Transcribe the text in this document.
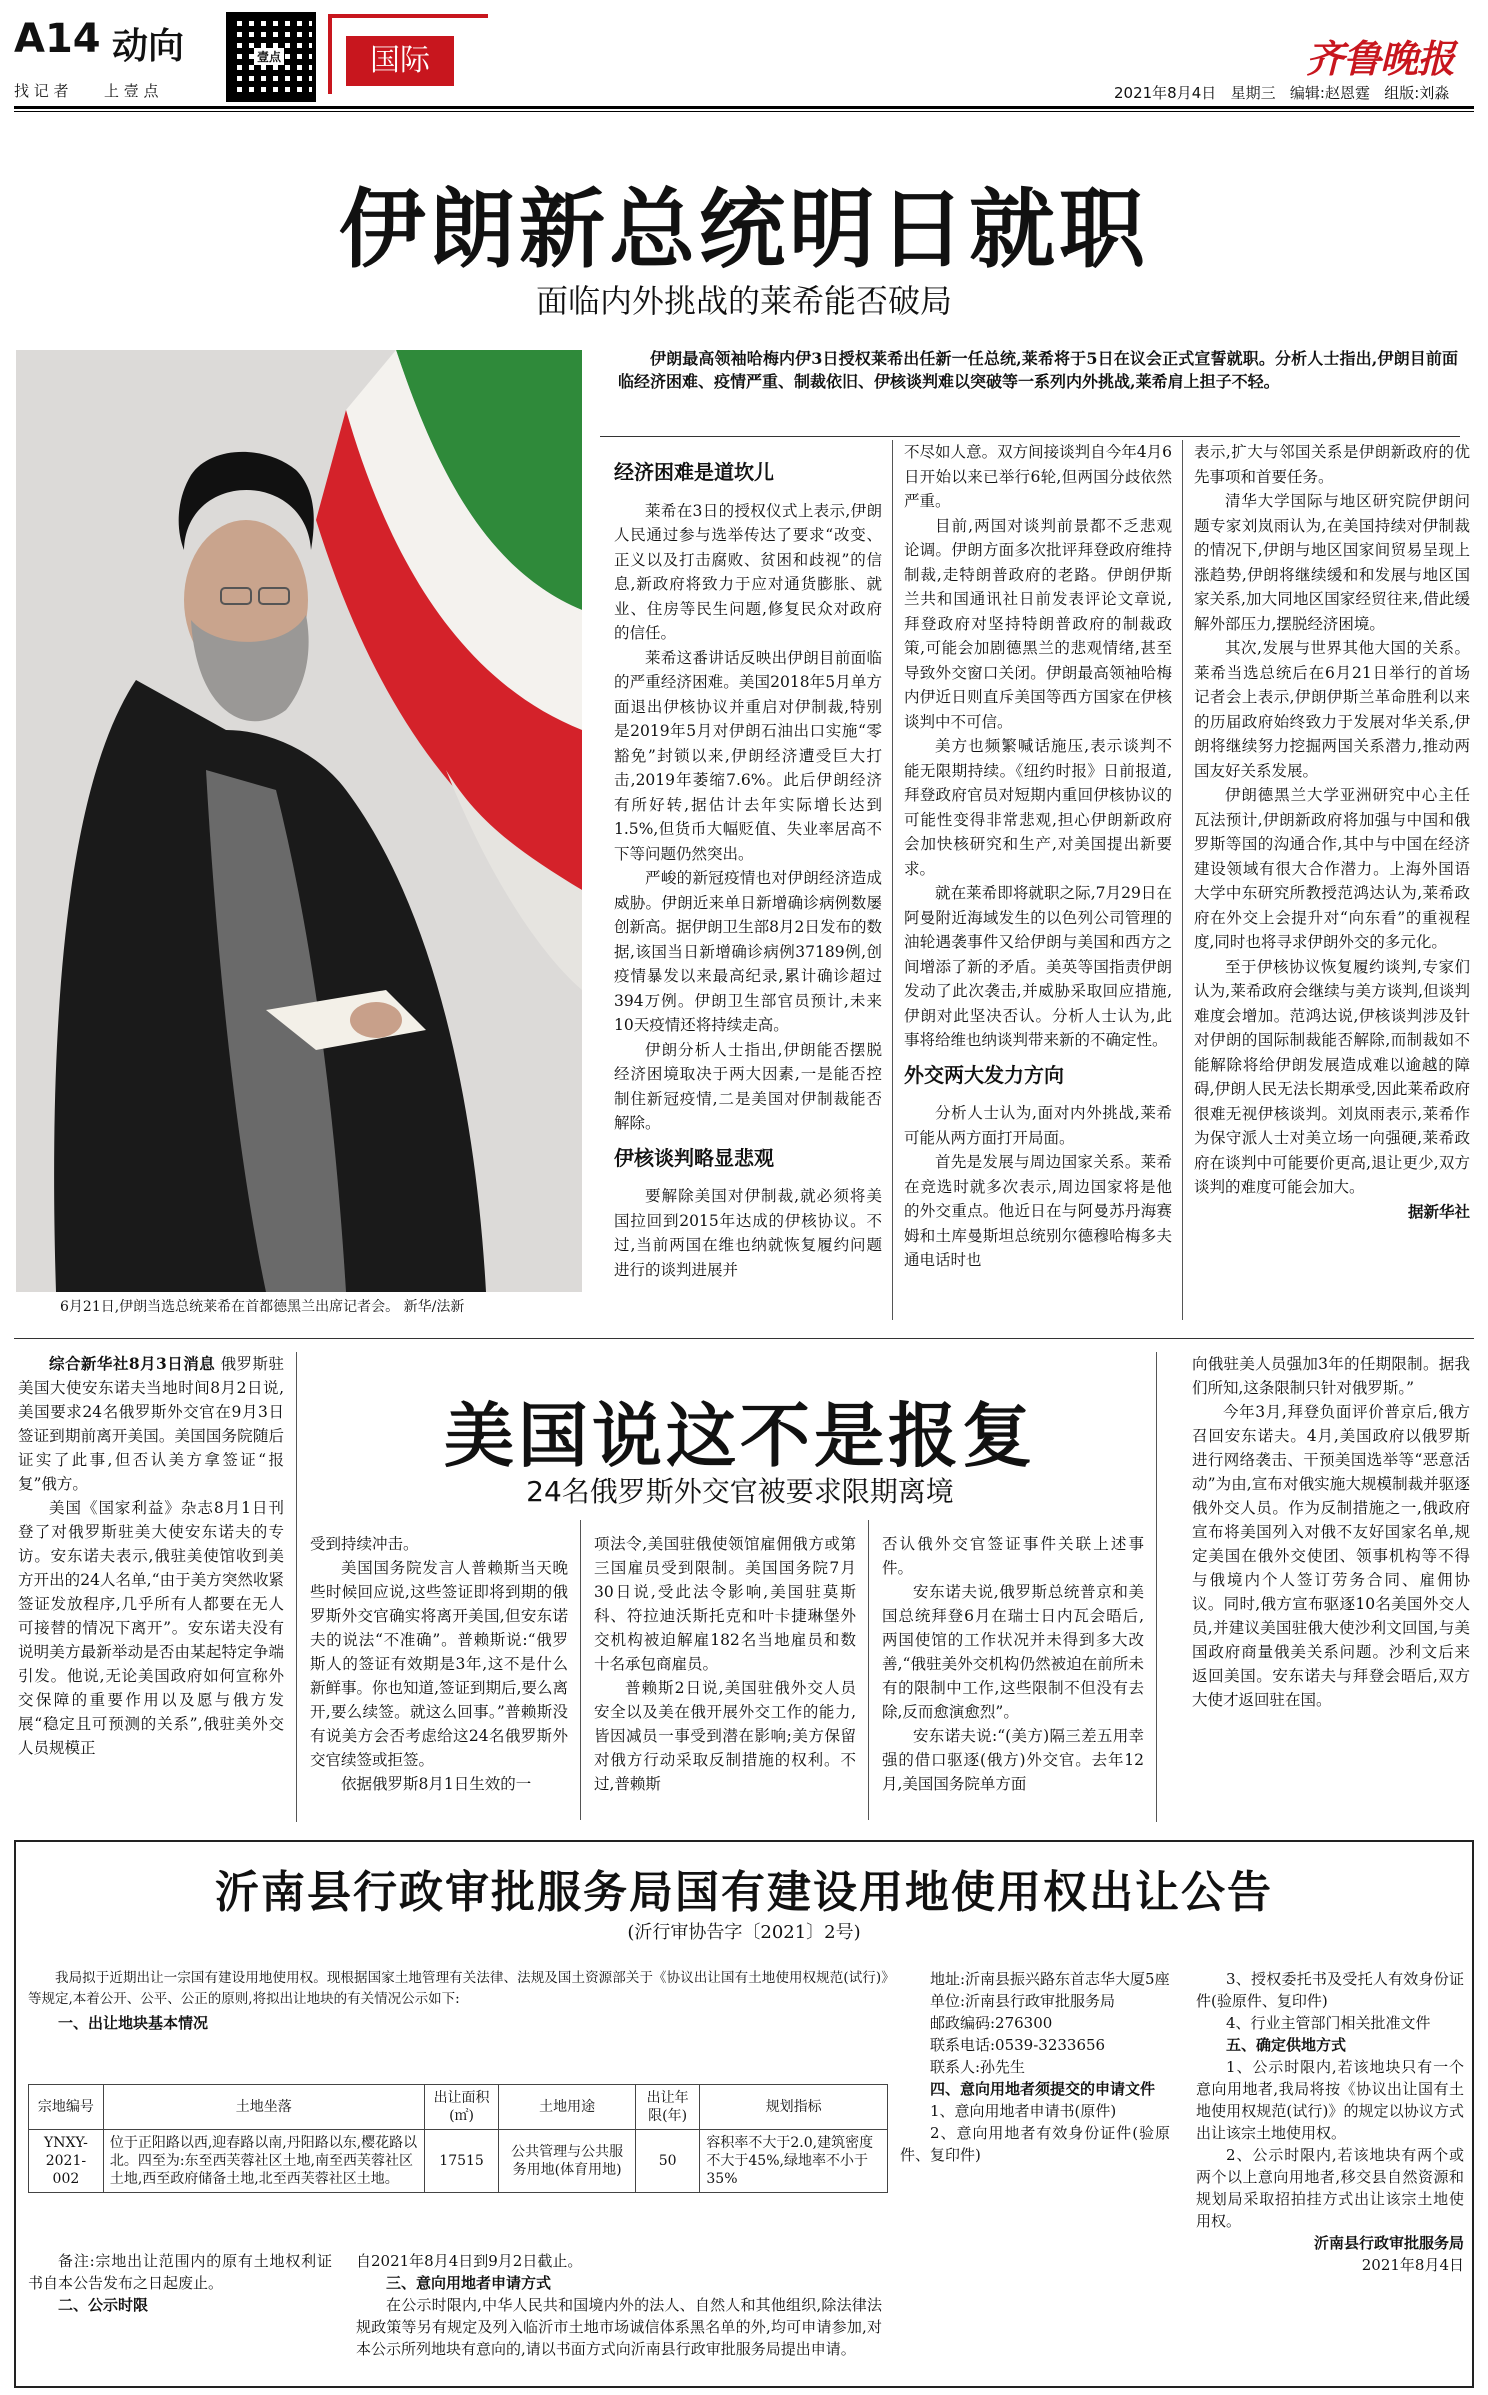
A14 动向
找 记 者 上 壹 点
壹点	国际	齐鲁晚报
2021年8月4日 星期三 编辑:赵恩霆 组版:刘淼
伊朗新总统明日就职
面临内外挑战的莱希能否破局
6月21日,伊朗当选总统莱希在首都德黑兰出席记者会。 新华/法新
伊朗最高领袖哈梅内伊3日授权莱希出任新一任总统,莱希将于5日在议会正式宣誓就职。分析人士指出,伊朗目前面临经济困难、疫情严重、制裁依旧、伊核谈判难以突破等一系列内外挑战,莱希肩上担子不轻。
经济困难是道坎儿

莱希在3日的授权仪式上表示,伊朗人民通过参与选举传达了要求“改变、正义以及打击腐败、贫困和歧视”的信息,新政府将致力于应对通货膨胀、就业、住房等民生问题,修复民众对政府的信任。

莱希这番讲话反映出伊朗目前面临的严重经济困难。美国2018年5月单方面退出伊核协议并重启对伊制裁,特别是2019年5月对伊朗石油出口实施“零豁免”封锁以来,伊朗经济遭受巨大打击,2019年萎缩7.6%。此后伊朗经济有所好转,据估计去年实际增长达到1.5%,但货币大幅贬值、失业率居高不下等问题仍然突出。

严峻的新冠疫情也对伊朗经济造成威胁。伊朗近来单日新增确诊病例数屡创新高。据伊朗卫生部8月2日发布的数据,该国当日新增确诊病例37189例,创疫情暴发以来最高纪录,累计确诊超过394万例。伊朗卫生部官员预计,未来10天疫情还将持续走高。

伊朗分析人士指出,伊朗能否摆脱经济困境取决于两大因素,一是能否控制住新冠疫情,二是美国对伊制裁能否解除。

伊核谈判略显悲观

要解除美国对伊制裁,就必须将美国拉回到2015年达成的伊核协议。不过,当前两国在维也纳就恢复履约问题进行的谈判进展并

不尽如人意。双方间接谈判自今年4月6日开始以来已举行6轮,但两国分歧依然严重。

目前,两国对谈判前景都不乏悲观论调。伊朗方面多次批评拜登政府维持制裁,走特朗普政府的老路。伊朗伊斯兰共和国通讯社日前发表评论文章说,拜登政府对坚持特朗普政府的制裁政策,可能会加剧德黑兰的悲观情绪,甚至导致外交窗口关闭。伊朗最高领袖哈梅内伊近日则直斥美国等西方国家在伊核谈判中不可信。

美方也频繁喊话施压,表示谈判不能无限期持续。《纽约时报》日前报道,拜登政府官员对短期内重回伊核协议的可能性变得非常悲观,担心伊朗新政府会加快核研究和生产,对美国提出新要求。

就在莱希即将就职之际,7月29日在阿曼附近海域发生的以色列公司管理的油轮遇袭事件又给伊朗与美国和西方之间增添了新的矛盾。美英等国指责伊朗发动了此次袭击,并威胁采取回应措施,伊朗对此坚决否认。分析人士认为,此事将给维也纳谈判带来新的不确定性。

外交两大发力方向

分析人士认为,面对内外挑战,莱希可能从两方面打开局面。

首先是发展与周边国家关系。莱希在竞选时就多次表示,周边国家将是他的外交重点。他近日在与阿曼苏丹海赛姆和土库曼斯坦总统别尔德穆哈梅多夫通电话时也

表示,扩大与邻国关系是伊朗新政府的优先事项和首要任务。

清华大学国际与地区研究院伊朗问题专家刘岚雨认为,在美国持续对伊制裁的情况下,伊朗与地区国家间贸易呈现上涨趋势,伊朗将继续缓和和发展与地区国家关系,加大同地区国家经贸往来,借此缓解外部压力,摆脱经济困境。

其次,发展与世界其他大国的关系。莱希当选总统后在6月21日举行的首场记者会上表示,伊朗伊斯兰革命胜利以来的历届政府始终致力于发展对华关系,伊朗将继续努力挖掘两国关系潜力,推动两国友好关系发展。

伊朗德黑兰大学亚洲研究中心主任瓦法预计,伊朗新政府将加强与中国和俄罗斯等国的沟通合作,其中与中国在经济建设领域有很大合作潜力。上海外国语大学中东研究所教授范鸿达认为,莱希政府在外交上会提升对“向东看”的重视程度,同时也将寻求伊朗外交的多元化。

至于伊核协议恢复履约谈判,专家们认为,莱希政府会继续与美方谈判,但谈判难度会增加。范鸿达说,伊核谈判涉及针对伊朗的国际制裁能否解除,而制裁如不能解除将给伊朗发展造成难以逾越的障碍,伊朗人民无法长期承受,因此莱希政府很难无视伊核谈判。刘岚雨表示,莱希作为保守派人士对美立场一向强硬,莱希政府在谈判中可能要价更高,退让更少,双方谈判的难度可能会加大。

据新华社

美国说这不是报复
24名俄罗斯外交官被要求限期离境

综合新华社8月3日消息 俄罗斯驻美国大使安东诺夫当地时间8月2日说,美国要求24名俄罗斯外交官在9月3日签证到期前离开美国。美国国务院随后证实了此事,但否认美方拿签证“报复”俄方。

美国《国家利益》杂志8月1日刊登了对俄罗斯驻美大使安东诺夫的专访。安东诺夫表示,俄驻美使馆收到美方开出的24人名单,“由于美方突然收紧签证发放程序,几乎所有人都要在无人可接替的情况下离开”。安东诺夫没有说明美方最新举动是否由某起特定争端引发。他说,无论美国政府如何宣称外交保障的重要作用以及愿与俄方发展“稳定且可预测的关系”,俄驻美外交人员规模正

受到持续冲击。

美国国务院发言人普赖斯当天晚些时候回应说,这些签证即将到期的俄罗斯外交官确实将离开美国,但安东诺夫的说法“不准确”。普赖斯说:“俄罗斯人的签证有效期是3年,这不是什么新鲜事。你也知道,签证到期后,要么离开,要么续签。就这么回事。”普赖斯没有说美方会否考虑给这24名俄罗斯外交官续签或拒签。

依据俄罗斯8月1日生效的一

项法令,美国驻俄使领馆雇佣俄方或第三国雇员受到限制。美国国务院7月30日说,受此法令影响,美国驻莫斯科、符拉迪沃斯托克和叶卡捷琳堡外交机构被迫解雇182名当地雇员和数十名承包商雇员。

普赖斯2日说,美国驻俄外交人员安全以及美在俄开展外交工作的能力,皆因减员一事受到潜在影响;美方保留对俄方行动采取反制措施的权利。不过,普赖斯

否认俄外交官签证事件关联上述事件。

安东诺夫说,俄罗斯总统普京和美国总统拜登6月在瑞士日内瓦会晤后,两国使馆的工作状况并未得到多大改善,“俄驻美外交机构仍然被迫在前所未有的限制中工作,这些限制不但没有去除,反而愈演愈烈”。

安东诺夫说:“(美方)隔三差五用幸强的借口驱逐(俄方)外交官。去年12月,美国国务院单方面

向俄驻美人员强加3年的任期限制。据我们所知,这条限制只针对俄罗斯。”

今年3月,拜登负面评价普京后,俄方召回安东诺夫。4月,美国政府以俄罗斯进行网络袭击、干预美国选举等“恶意活动”为由,宣布对俄实施大规模制裁并驱逐俄外交人员。作为反制措施之一,俄政府宣布将美国列入对俄不友好国家名单,规定美国在俄外交使团、领事机构等不得与俄境内个人签订劳务合同、雇佣协议。同时,俄方宣布驱逐10名美国外交人员,并建议美国驻俄大使沙利文回国,与美国政府商量俄美关系问题。沙利文后来返回美国。安东诺夫与拜登会晤后,双方大使才返回驻在国。

沂南县行政审批服务局国有建设用地使用权出让公告
(沂行审协告字〔2021〕2号)

我局拟于近期出让一宗国有建设用地使用权。现根据国家土地管理有关法律、法规及国土资源部关于《协议出让国有土地使用权规范(试行)》等规定,本着公开、公平、公正的原则,将拟出让地块的有关情况公示如下:

一、出让地块基本情况

宗地编号	土地坐落	出让面积(㎡)	土地用途	出让年限(年)	规划指标
YNXY-2021-002	位于正阳路以西,迎春路以南,丹阳路以东,樱花路以北。四至为:东至西芙蓉社区土地,南至西芙蓉社区土地,西至政府储备土地,北至西芙蓉社区土地。	17515	公共管理与公共服务用地(体育用地)	50	容积率不大于2.0,建筑密度不大于45%,绿地率不小于35%

备注:宗地出让范围内的原有土地权利证书自本公告发布之日起废止。

二、公示时限

自2021年8月4日到9月2日截止。

三、意向用地者申请方式

在公示时限内,中华人民共和国境内外的法人、自然人和其他组织,除法律法规政策等另有规定及列入临沂市土地市场诚信体系黑名单的外,均可申请参加,对本公示所列地块有意向的,请以书面方式向沂南县行政审批服务局提出申请。

地址:沂南县振兴路东首志华大厦5座

单位:沂南县行政审批服务局

邮政编码:276300

联系电话:0539-3233656

联系人:孙先生

四、意向用地者须提交的申请文件

1、意向用地者申请书(原件)

2、意向用地者有效身份证件(验原件、复印件)

3、授权委托书及受托人有效身份证件(验原件、复印件)

4、行业主管部门相关批准文件

五、确定供地方式

1、公示时限内,若该地块只有一个意向用地者,我局将按《协议出让国有土地使用权规范(试行)》的规定以协议方式出让该宗土地使用权。

2、公示时限内,若该地块有两个或两个以上意向用地者,移交县自然资源和规划局采取招拍挂方式出让该宗土地使用权。

沂南县行政审批服务局

2021年8月4日
